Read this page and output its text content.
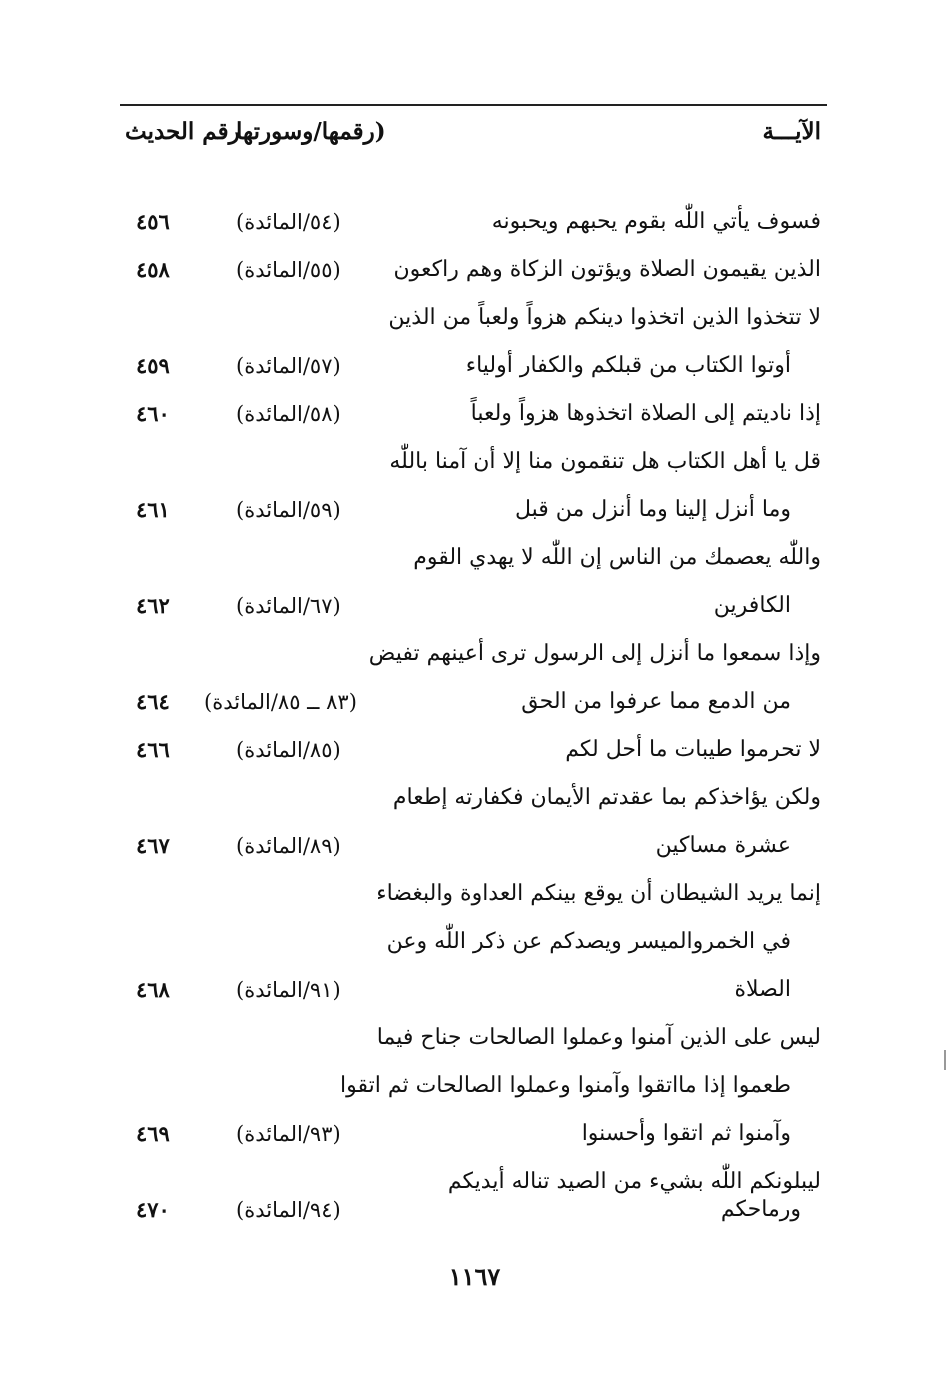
الآيـــة
(رقمها/وسورتها
رقم الحديث
فسوف يأتي اللّٰه بقوم يحبهم ويحبونه
(٥٤/المائدة)
٤٥٦
الذين يقيمون الصلاة ويؤتون الزكاة وهم راكعون
(٥٥/المائدة)
٤٥٨
لا تتخذوا الذين اتخذوا دينكم هزواً ولعباً من الذين
أوتوا الكتاب من قبلكم والكفار أولياء
(٥٧/المائدة)
٤٥٩
إذا ناديتم إلى الصلاة اتخذوها هزواً ولعباً
(٥٨/المائدة)
٤٦٠
قل يا أهل الكتاب هل تنقمون منا إلا أن آمنا باللّٰه
وما أنزل إلينا وما أنزل من قبل
(٥٩/المائدة)
٤٦١
واللّٰه يعصمك من الناس إن اللّٰه لا يهدي القوم
الكافرين
(٦٧/المائدة)
٤٦٢
وإذا سمعوا ما أنزل إلى الرسول ترى أعينهم تفيض
من الدمع مما عرفوا من الحق
(٨٣ ــ ٨٥/المائدة)
٤٦٤
لا تحرموا طيبات ما أحل لكم
(٨٥/المائدة)
٤٦٦
ولكن يؤاخذكم بما عقدتم الأيمان فكفارته إطعام
عشرة مساكين
(٨٩/المائدة)
٤٦٧
إنما يريد الشيطان أن يوقع بينكم العداوة والبغضاء
في الخمروالميسر ويصدكم عن ذكر اللّٰه وعن
الصلاة
(٩١/المائدة)
٤٦٨
ليس على الذين آمنوا وعملوا الصالحات جناح فيما
طعموا إذا مااتقوا وآمنوا وعملوا الصالحات ثم اتقوا
وآمنوا ثم اتقوا وأحسنوا
(٩٣/المائدة)
٤٦٩
ليبلونكم اللّٰه بشيء من الصيد تناله أيديكم
ورماحكم
(٩٤/المائدة)
٤٧٠
١١٦٧
